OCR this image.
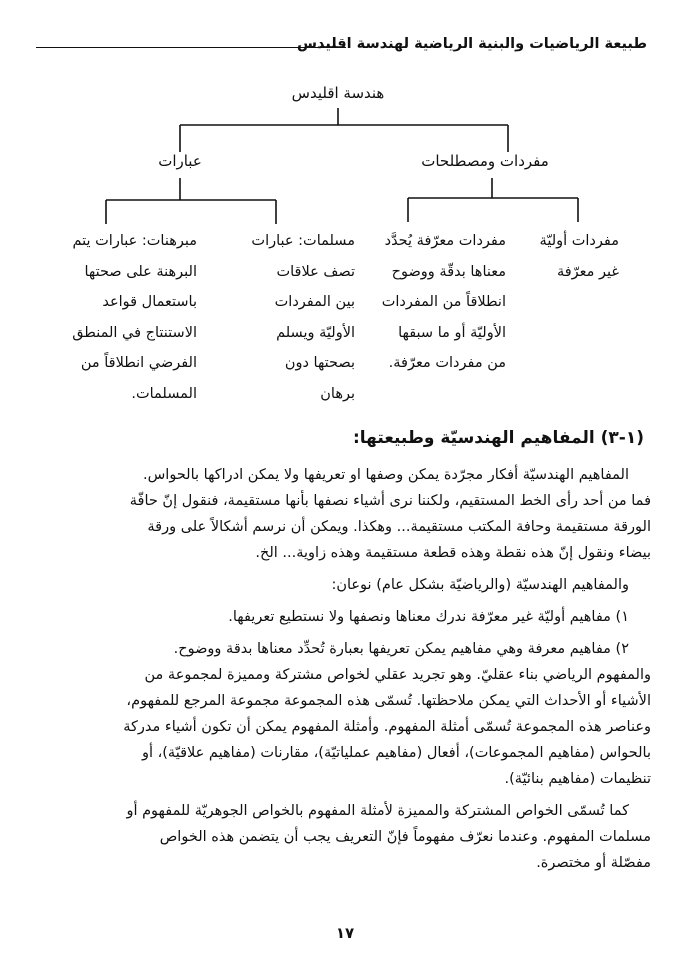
طبيعة الرياضيات والبنية الرياضية لهندسة اقليدس
هندسة اقليدس
عبارات	مفردات ومصطلحات
مفردات أوليّة
غير معرّفة
مفردات معرّفة يُحدَّد
معناها بدقّة ووضوح
انطلاقاً من المفردات
الأوليّة أو ما سبقها
من مفردات معرّفة.
مسلمات: عبارات
تصف علاقات
بين المفردات
الأوليّة ويسلم
بصحتها دون
برهان
مبرهنات: عبارات يتم
البرهنة على صحتها
باستعمال قواعد
الاستنتاج في المنطق
الفرضي انطلاقاً من
المسلمات.
(١-٣) المفاهيم الهندسيّة وطبيعتها:

المفاهيم الهندسيّة أفكار مجرّدة يمكن وصفها او تعريفها ولا يمكن ادراكها بالحواس.

فما من أحد رأى الخط المستقيم، ولكننا نرى أشياء نصفها بأنها مستقيمة، فنقول إنّ حافّة

الورقة مستقيمة وحافة المكتب مستقيمة... وهكذا. ويمكن أن نرسم أشكالاً على ورقة

بيضاء ونقول إنّ هذه نقطة وهذه قطعة مستقيمة وهذه زاوية... الخ.

والمفاهيم الهندسيّة (والرياضيّة بشكل عام) نوعان:

١) مفاهيم أوليّة غير معرّفة ندرك معناها ونصفها ولا نستطيع تعريفها.

٢) مفاهيم معرفة وهي مفاهيم يمكن تعريفها بعبارة تُحدِّد معناها بدقة ووضوح.

والمفهوم الرياضي بناء عقليّ. وهو تجريد عقلي لخواص مشتركة ومميزة لمجموعة من

الأشياء أو الأحداث التي يمكن ملاحظتها. تُسمّى هذه المجموعة مجموعة المرجع للمفهوم،

وعناصر هذه المجموعة تُسمّى أمثلة المفهوم. وأمثلة المفهوم يمكن أن تكون أشياء مدركة

بالحواس (مفاهيم المجموعات)، أفعال (مفاهيم عملياتيّة)، مقارنات (مفاهيم علاقيّة)، أو

تنظيمات (مفاهيم بنائيّة).

كما تُسمّى الخواص المشتركة والمميزة لأمثلة المفهوم بالخواص الجوهريّة للمفهوم أو

مسلمات المفهوم. وعندما نعرّف مفهوماً فإنّ التعريف يجب أن يتضمن هذه الخواص

مفصّلة أو مختصرة.

١٧
